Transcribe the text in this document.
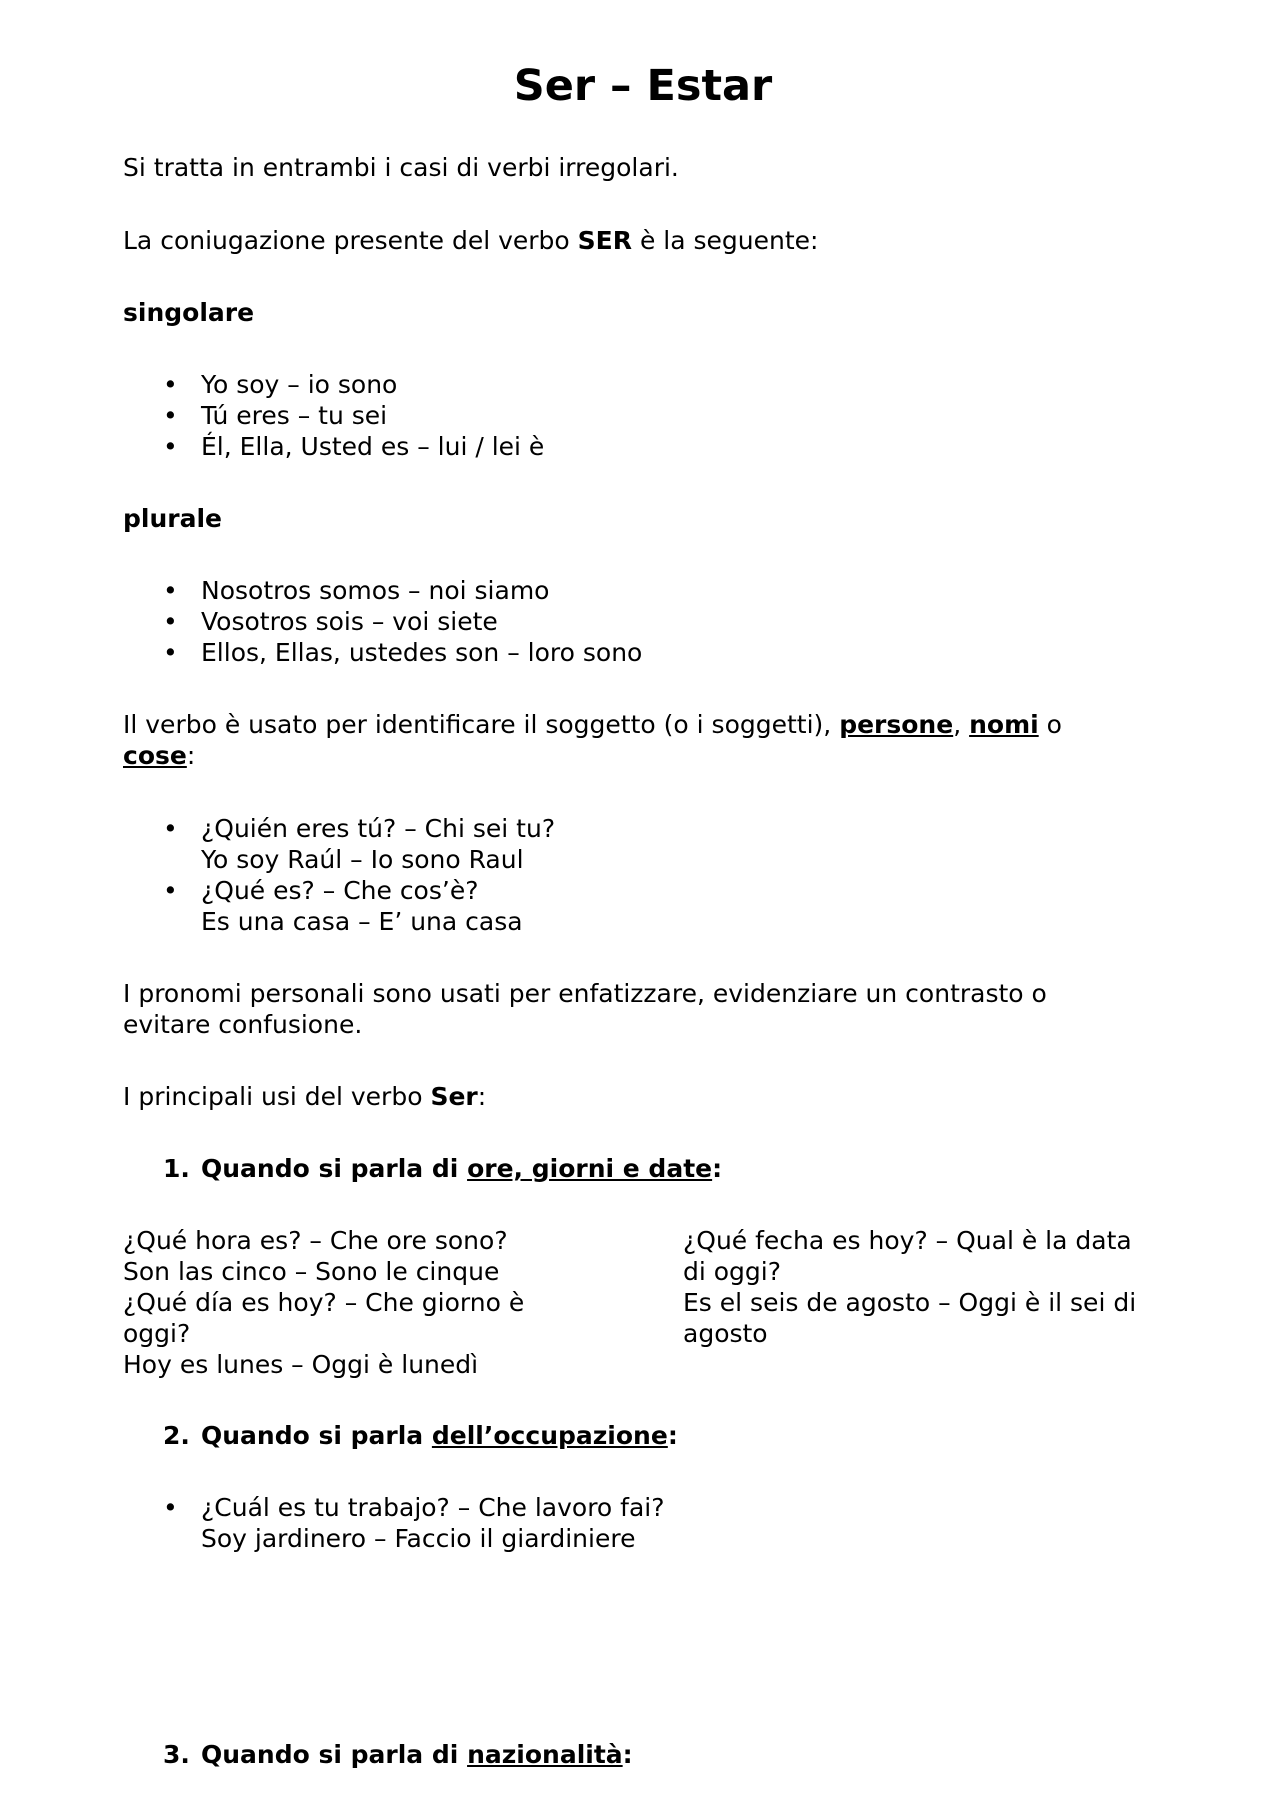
Ser – Estar

Si tratta in entrambi i casi di verbi irregolari.

La coniugazione presente del verbo SER è la seguente:

singolare

• Yo soy – io sono
• Tú eres – tu sei
• Él, Ella, Usted es – lui / lei è

plurale

• Nosotros somos – noi siamo
• Vosotros sois – voi siete
• Ellos, Ellas, ustedes son – loro sono
Il verbo è usato per identificare il soggetto (o i soggetti), persone, nomi o
cose:
• ¿Quién eres tú? – Chi sei tu?
Yo soy Raúl – Io sono Raul
• ¿Qué es? – Che cos’è?
Es una casa – E’ una casa
I pronomi personali sono usati per enfatizzare, evidenziare un contrasto o
evitare confusione.

I principali usi del verbo Ser:

1. Quando si parla di ore, giorni e date:
¿Qué hora es? – Che ore sono?
Son las cinco – Sono le cinque
¿Qué día es hoy? – Che giorno è
oggi?
Hoy es lunes – Oggi è lunedì
¿Qué fecha es hoy? – Qual è la data
di oggi?
Es el seis de agosto – Oggi è il sei di
agosto
2. Quando si parla dell’occupazione:
• ¿Cuál es tu trabajo? – Che lavoro fai?
Soy jardinero – Faccio il giardiniere
3. Quando si parla di nazionalità:
